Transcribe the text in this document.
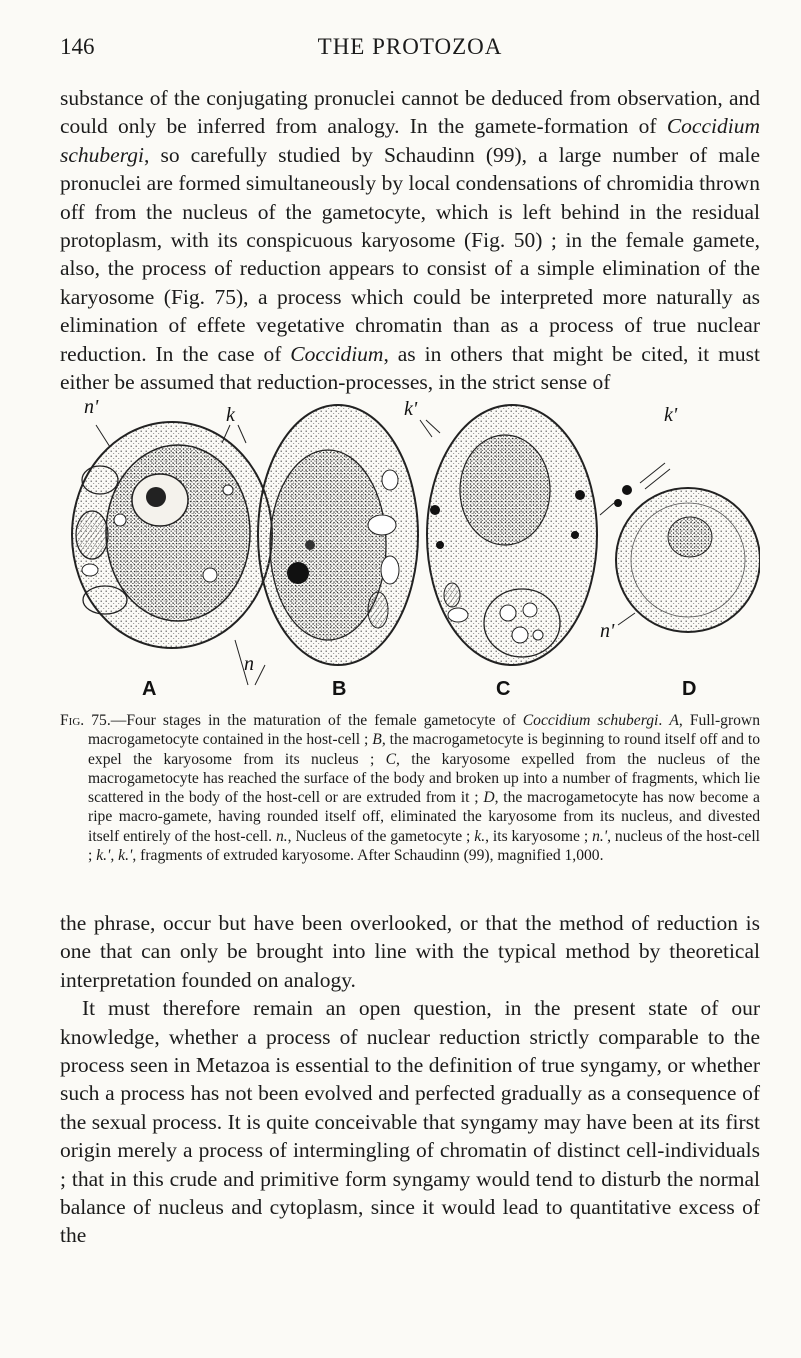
146	THE PROTOZOA

substance of the conjugating pronuclei cannot be deduced from observation, and could only be inferred from analogy. In the gamete-formation of Coccidium schubergi, so carefully studied by Schaudinn (99), a large number of male pronuclei are formed simultaneously by local condensations of chromidia thrown off from the nucleus of the gametocyte, which is left behind in the residual protoplasm, with its conspicuous karyosome (Fig. 50) ; in the female gamete, also, the process of reduction appears to consist of a simple elimination of the karyosome (Fig. 75), a process which could be interpreted more naturally as elimination of effete vegetative chromatin than as a process of true nuclear reduction. In the case of Coccidium, as in others that might be cited, it must either be assumed that reduction-processes, in the strict sense of

n'	k
n
k'	k'
n'
A	B	C	D

Fig. 75.—Four stages in the maturation of the female gametocyte of Coccidium schubergi. A, Full-grown macrogametocyte contained in the host-cell ; B, the macrogametocyte is beginning to round itself off and to expel the karyosome from its nucleus ; C, the karyosome expelled from the nucleus of the macrogametocyte has reached the surface of the body and broken up into a number of fragments, which lie scattered in the body of the host-cell or are extruded from it ; D, the macrogametocyte has now become a ripe macro-gamete, having rounded itself off, eliminated the karyosome from its nucleus, and divested itself entirely of the host-cell. n., Nucleus of the gametocyte ; k., its karyosome ; n.', nucleus of the host-cell ; k.', k.', fragments of extruded karyosome. After Schaudinn (99), magnified 1,000.

the phrase, occur but have been overlooked, or that the method of reduction is one that can only be brought into line with the typical method by theoretical interpretation founded on analogy.
It must therefore remain an open question, in the present state of our knowledge, whether a process of nuclear reduction strictly comparable to the process seen in Metazoa is essential to the definition of true syngamy, or whether such a process has not been evolved and perfected gradually as a consequence of the sexual process. It is quite conceivable that syngamy may have been at its first origin merely a process of intermingling of chromatin of distinct cell-individuals ; that in this crude and primitive form syngamy would tend to disturb the normal balance of nucleus and cytoplasm, since it would lead to quantitative excess of the
